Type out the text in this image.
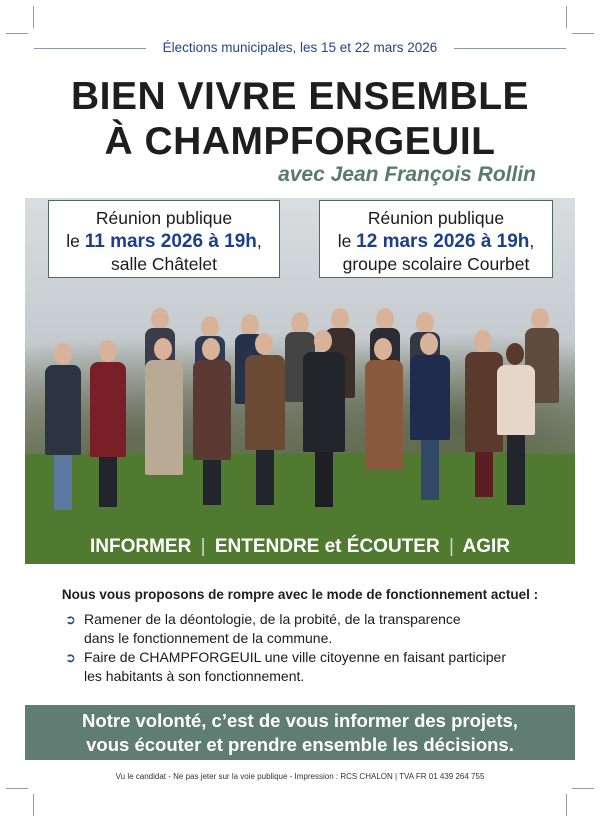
Élections municipales, les 15 et 22 mars 2026
BIEN VIVRE ENSEMBLE
À CHAMPFORGEUIL
avec Jean François Rollin
Réunion publique
le 11 mars 2026 à 19h,
salle Châtelet
Réunion publique
le 12 mars 2026 à 19h,
groupe scolaire Courbet
INFORMER | ENTENDRE et ÉCOUTER | AGIR
Nous vous proposons de rompre avec le mode de fonctionnement actuel :
➲ Ramener de la déontologie, de la probité, de la transparence
dans le fonctionnement de la commune.
➲ Faire de CHAMPFORGEUIL une ville citoyenne en faisant participer
les habitants à son fonctionnement.
Notre volonté, c’est de vous informer des projets,
vous écouter et prendre ensemble les décisions.
Vu le candidat - Ne pas jeter sur la voie publique - Impression : RCS CHALON | TVA FR 01 439 264 755
